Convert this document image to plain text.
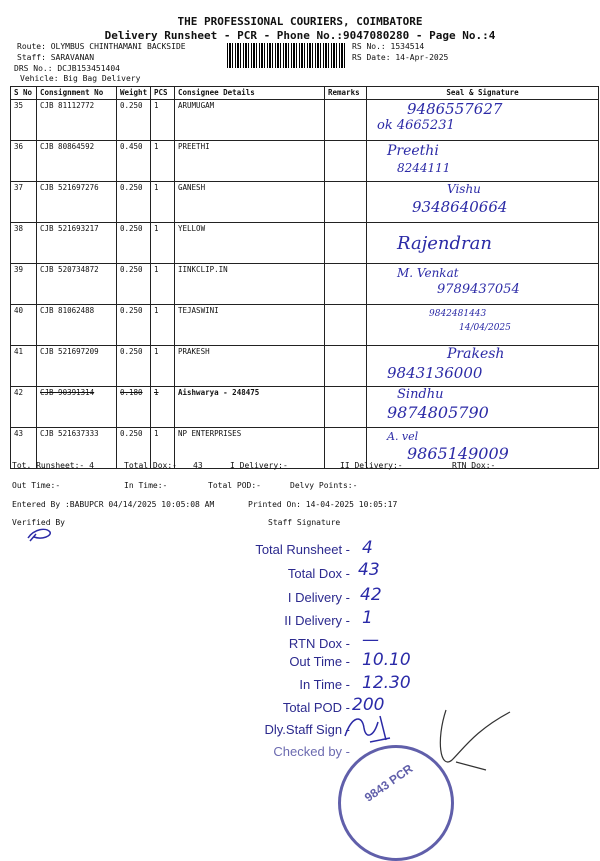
THE PROFESSIONAL COURIERS, COIMBATORE
Delivery Runsheet - PCR - Phone No.:9047080280 - Page No.:4
Route: OLYMBUS CHINTHAMANI BACKSIDE
Staff: SARAVANAN
DRS No.: DCJB153451404
Vehicle: Big Bag Delivery
RS No.: 1534514
RS Date: 14-Apr-2025
S No	Consignment No	Weight	PCS	Consignee Details	Remarks	Seal & Signature
35	CJB 81112772	0.250	1	ARUMUGAM		9486557627
ok 4665231

36	CJB 80864592	0.450	1	PREETHI		Preethi
8244111

37	CJB 521697276	0.250	1	GANESH		Vishu
9348640664

38	CJB 521693217	0.250	1	YELLOW		Rajendran

39	CJB 520734872	0.250	1	IINKCLIP.IN		M. Venkat
9789437054

40	CJB 81062488	0.250	1	TEJASWINI		9842481443
14/04/2025

41	CJB 521697209	0.250	1	PRAKESH		Prakesh
9843136000

42	CJB 90391314	0.180	1	Aishwarya - 248475		Sindhu
9874805790

43	CJB 521637333	0.250	1	NP ENTERPRISES		A. vel
9865149009
Tot. Runsheet:- 4	Total Dox:- 43	I Delivery:-	II Delivery:-	RTN Dox:-
Out Time:-	In Time:-	Total POD:-	Delvy Points:-
Entered By :BABUPCR 04/14/2025 10:05:08 AM	Printed On: 14-04-2025 10:05:17
Verified By	Staff Signature
Total Runsheet - 4
Total Dox - 43
I Delivery - 42
II Delivery - 1
RTN Dox - —
Out Time - 10.10
In Time - 12.30
Total POD - 200
Dly.Staff Sign -
Checked by -
9843 PCR
